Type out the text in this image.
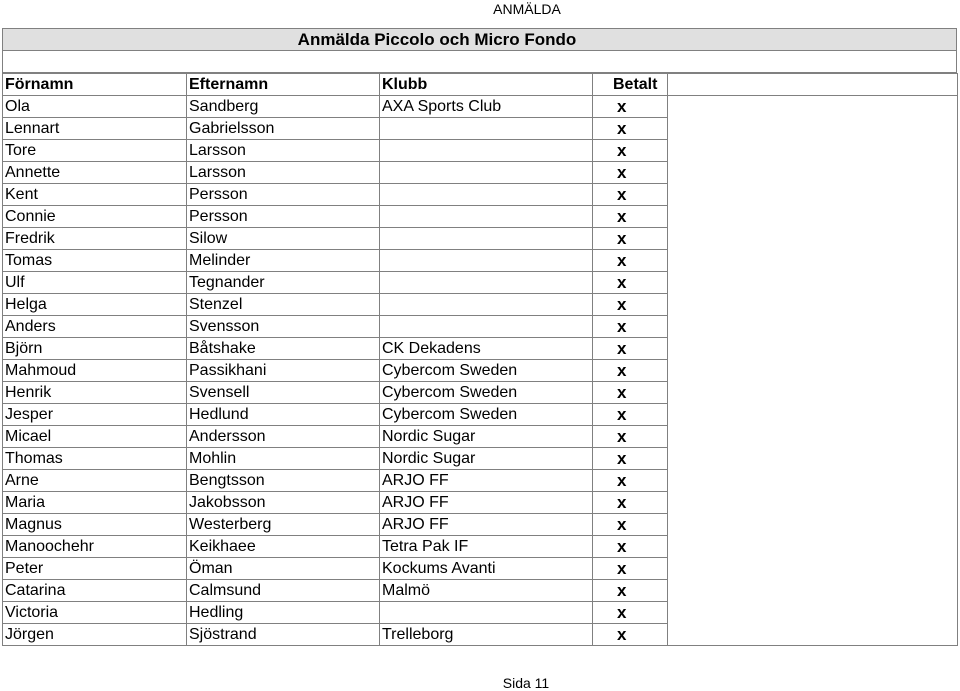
ANMÄLDA
Anmälda Piccolo och Micro Fondo
Förnamn	Efternamn	Klubb	Betalt	
Ola	Sandberg	AXA Sports Club	x	
Lennart	Gabrielsson		x	
Tore	Larsson		x	
Annette	Larsson		x	
Kent	Persson		x	
Connie	Persson		x	
Fredrik	Silow		x	
Tomas	Melinder		x	
Ulf	Tegnander		x	
Helga	Stenzel		x	
Anders	Svensson		x	
Björn	Båtshake	CK Dekadens	x	
Mahmoud	Passikhani	Cybercom Sweden	x	
Henrik	Svensell	Cybercom Sweden	x	
Jesper	Hedlund	Cybercom Sweden	x	
Micael	Andersson	Nordic Sugar	x	
Thomas	Mohlin	Nordic Sugar	x	
Arne	Bengtsson	ARJO FF	x	
Maria	Jakobsson	ARJO FF	x	
Magnus	Westerberg	ARJO FF	x	
Manoochehr	Keikhaee	Tetra Pak IF	x	
Peter	Öman	Kockums Avanti	x	
Catarina	Calmsund	Malmö	x	
Victoria	Hedling		x	
Jörgen	Sjöstrand	Trelleborg	x	
Sida 11
